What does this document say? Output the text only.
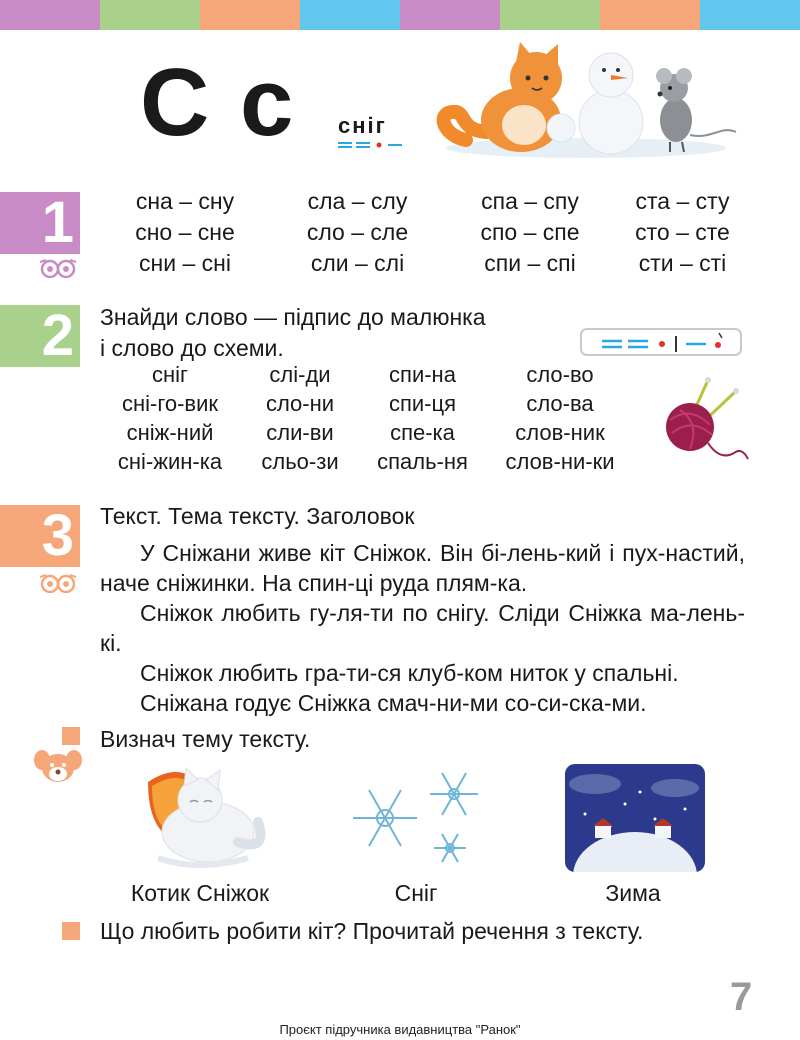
С с сніг
1	сна – сну	сла – слу	спа – спу	ста – сту
сно – сне	сло – сле	спо – спе	сто – сте
сни – сні	сли – слі	спи – спі	сти – сті
2 Знайди слово — підпис до малюнка
і слово до схеми.
сніг	слі-ди	спи-на	сло-во
сні-го-вик	сло-ни	спи-ця	сло-ва
сніж-ний	сли-ви	спе-ка	слов-ник
сні-жин-ка	сльо-зи	спаль-ня	слов-ни-ки
3 Текст. Тема тексту. Заголовок
У Сніжани живе кіт Сніжок. Він бі-лень-кий і пух-настий, наче сніжинки. На спин-ці руда плям-ка.
Сніжок любить гу-ля-ти по снігу. Сліди Сніжка ма-лень-кі.
Сніжок любить гра-ти-ся клуб-ком ниток у спальні.
Сніжана годує Сніжка смач-ни-ми со-си-ска-ми.
Визнач тему тексту.
Котик Сніжок	Сніг	Зима
Що любить робити кіт? Прочитай речення з тексту.
7
Проєкт підручника видавництва "Ранок"
